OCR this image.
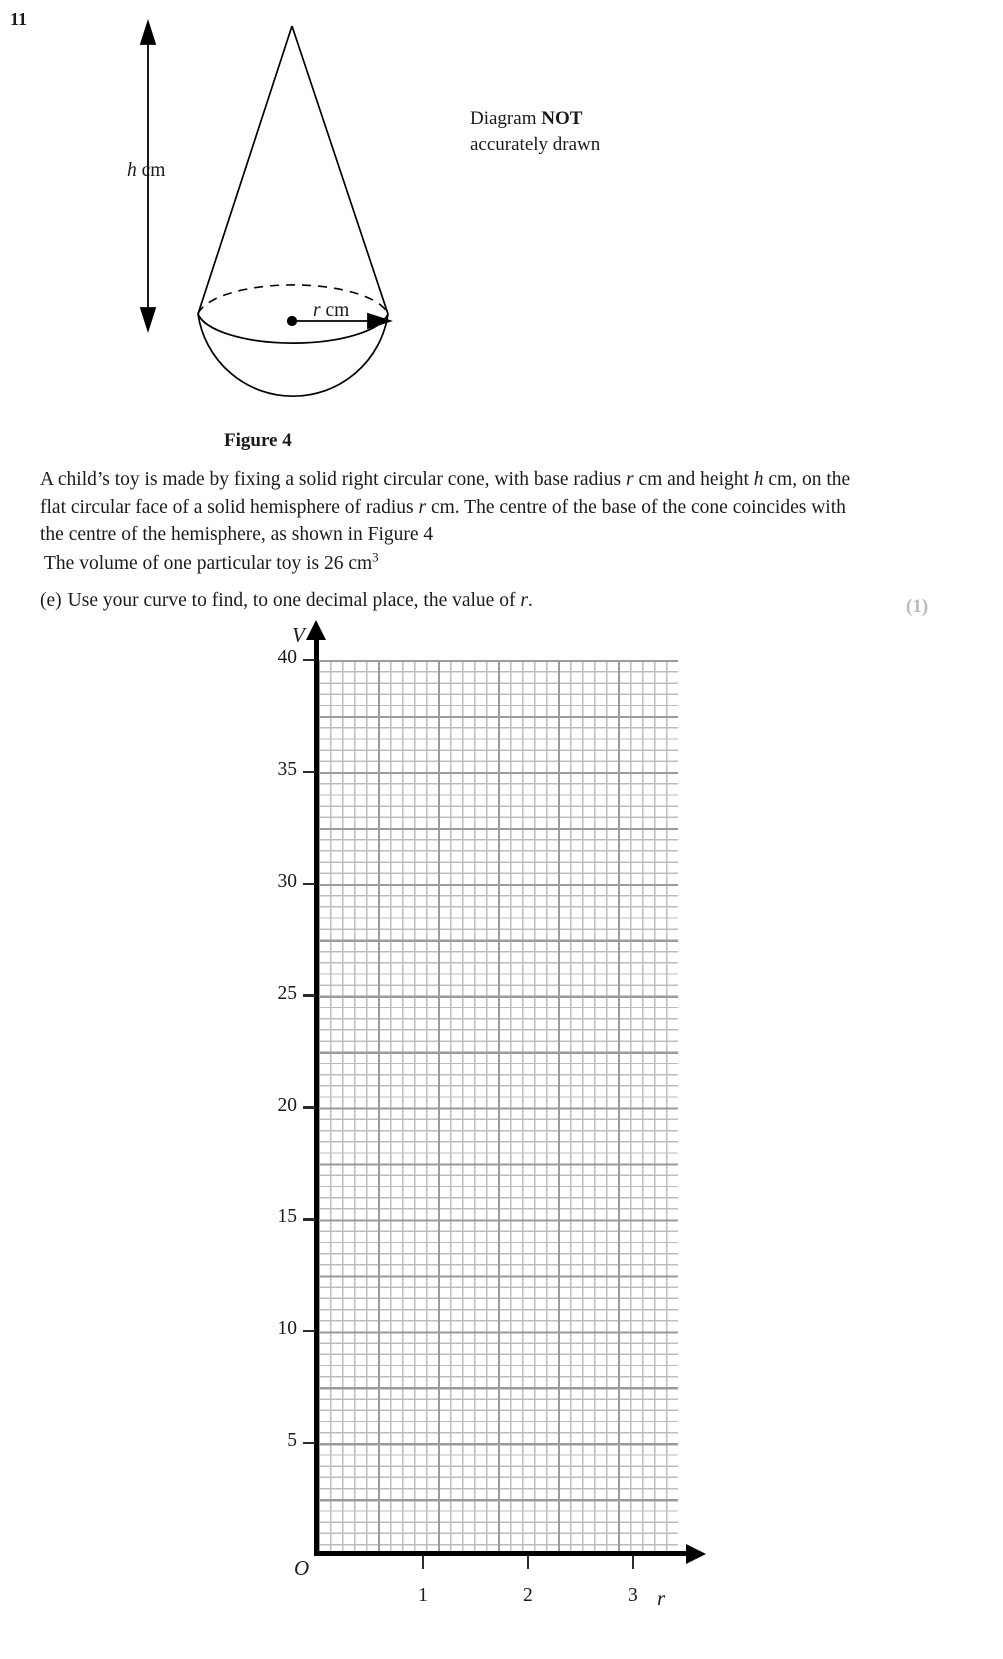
11
h cm
r cm
Diagram NOT
accurately drawn
Figure 4
A child’s toy is made by fixing a solid right circular cone, with base radius r cm and height h cm, on the flat circular face of a solid hemisphere of radius r cm. The centre of the base of the cone coincides with the centre of the hemisphere, as shown in Figure 4
The volume of one particular toy is 26 $cm^3$
(e) Use your curve to find, to one decimal place, the value of r.	(1)
V
r
O
5
10
15
20
25
30
35
40
1	2	3
